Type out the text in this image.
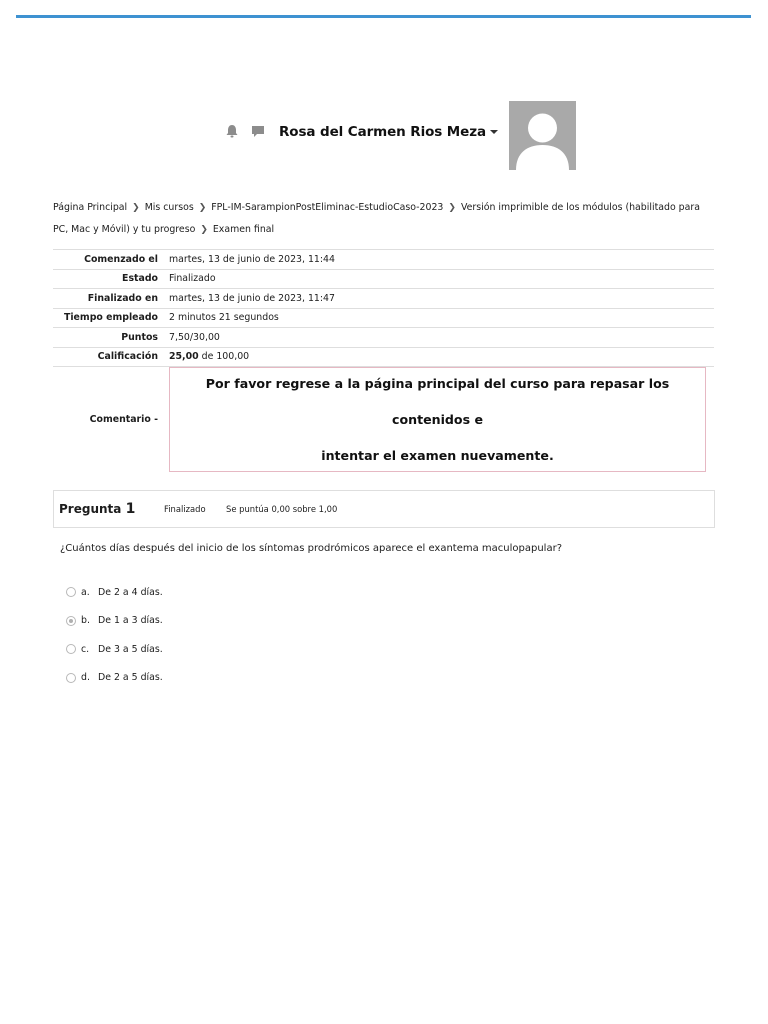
Rosa del Carmen Rios Meza
Página Principal ❯ Mis cursos ❯ FPL-IM-SarampionPostEliminac-EstudioCaso-2023 ❯ Versión imprimible de los módulos (habilitado para PC, Mac y Móvil) y tu progreso ❯ Examen final
Comenzado el	martes, 13 de junio de 2023, 11:44
Estado	Finalizado
Finalizado en	martes, 13 de junio de 2023, 11:47
Tiempo empleado	2 minutos 21 segundos
Puntos	7,50/30,00
Calificación	25,00 de 100,00
Comentario -	Por favor regrese a la página principal del curso para repasar los contenidos e

intentar el examen nuevamente.

Pregunta 1	Finalizado	Se puntúa 0,00 sobre 1,00
¿Cuántos días después del inicio de los síntomas prodrómicos aparece el exantema maculopapular?
a. De 2 a 4 días.
b. De 1 a 3 días.
c. De 3 a 5 días.
d. De 2 a 5 días.
